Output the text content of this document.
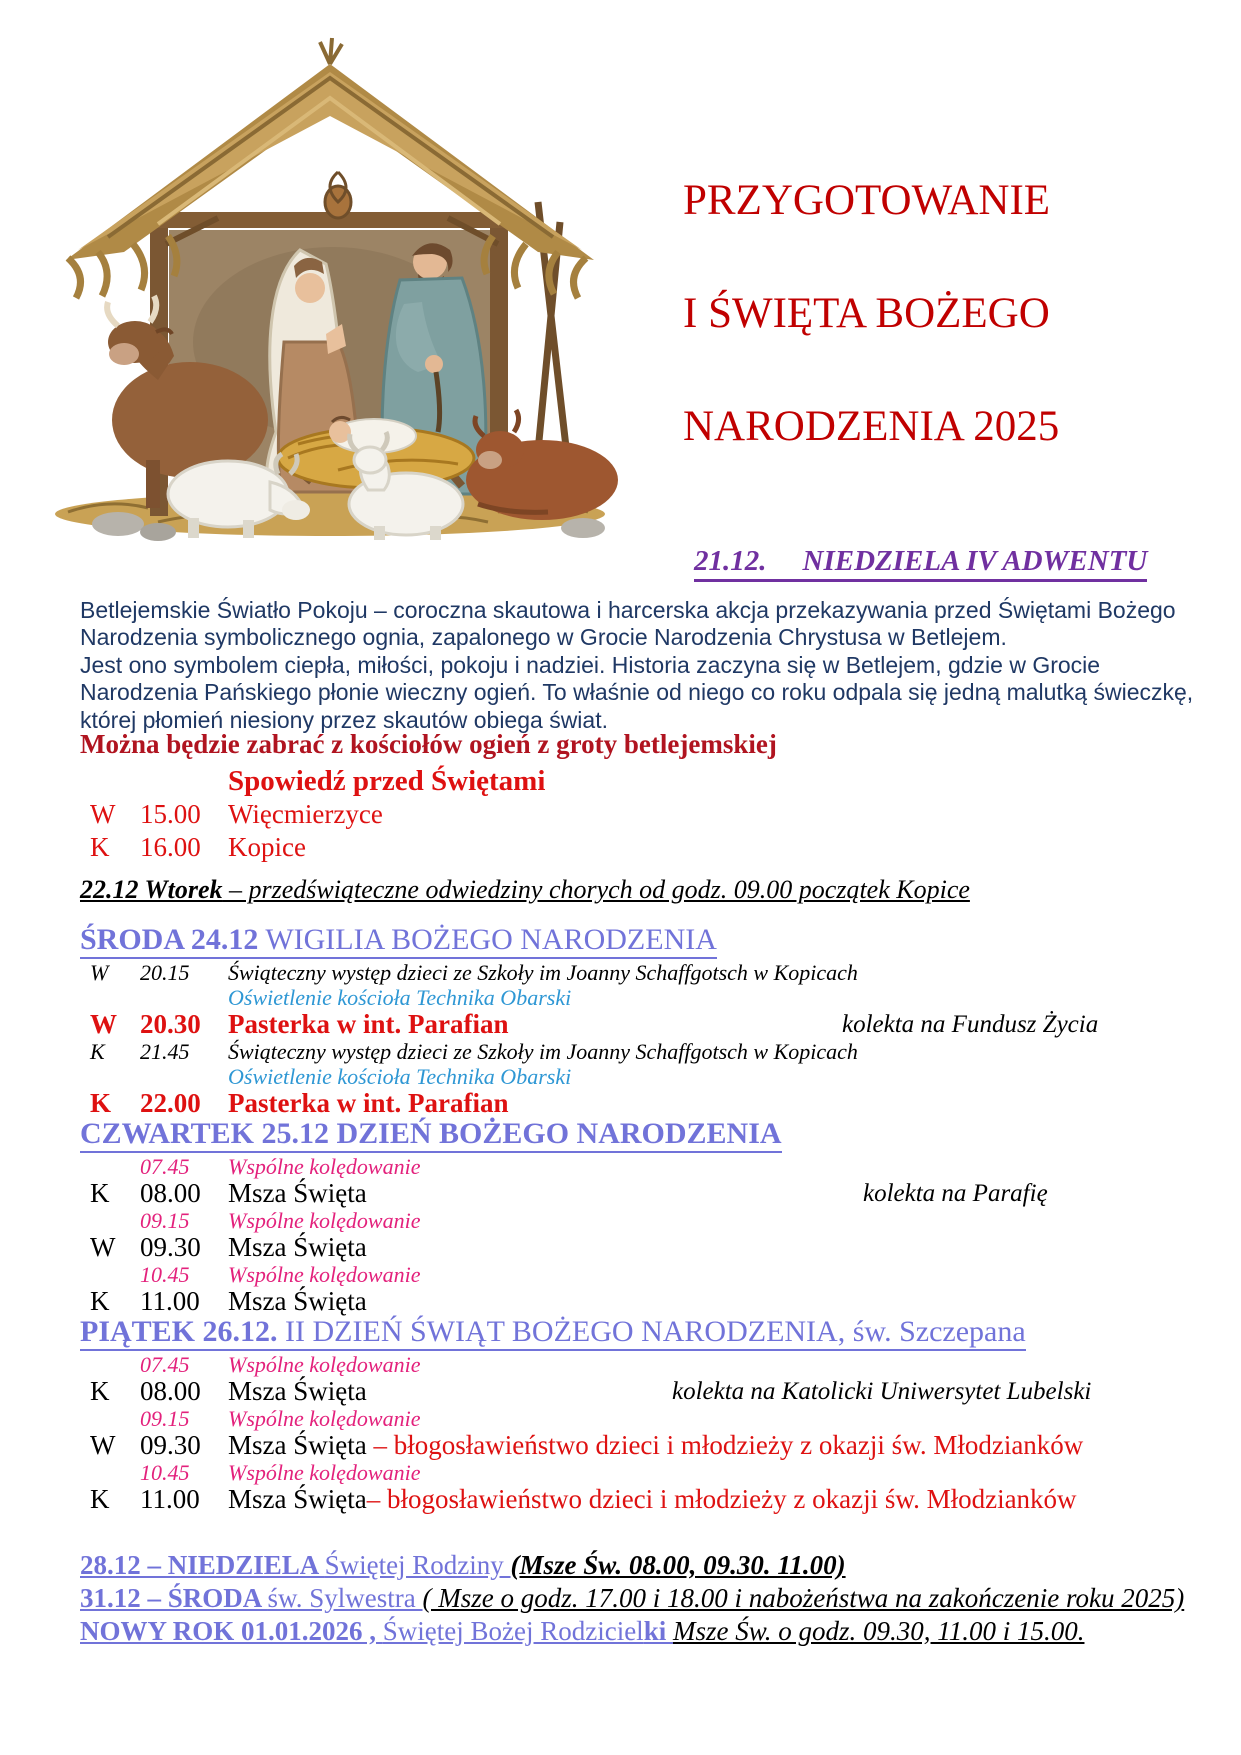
PRZYGOTOWANIE
I ŚWIĘTA BOŻEGO
NARODZENIA 2025
21.12. NIEDZIELA IV ADWENTU
Betlejemskie Światło Pokoju – coroczna skautowa i harcerska akcja przekazywania przed Świętami Bożego
Narodzenia symbolicznego ognia, zapalonego w Grocie Narodzenia Chrystusa w Betlejem.
Jest ono symbolem ciepła, miłości, pokoju i nadziei. Historia zaczyna się w Betlejem, gdzie w Grocie
Narodzenia Pańskiego płonie wieczny ogień. To właśnie od niego co roku odpala się jedną malutką świeczkę,
której płomień niesiony przez skautów obiega świat.
Można będzie zabrać z kościołów ogień z groty betlejemskiej
Spowiedź przed Świętami
W 15.00	Więcmierzyce
K	16.00	Kopice
22.12 Wtorek – przedświąteczne odwiedziny chorych od godz. 09.00 początek Kopice
ŚRODA 24.12 WIGILIA BOŻEGO NARODZENIA
W	20.15	Świąteczny występ dzieci ze Szkoły im Joanny Schaffgotsch w Kopicach
Oświetlenie kościoła Technika Obarski
W 20.30	Pasterka w int. Parafian	kolekta na Fundusz Życia
K	21.45	Świąteczny występ dzieci ze Szkoły im Joanny Schaffgotsch w Kopicach
Oświetlenie kościoła Technika Obarski
K	22.00	Pasterka w int. Parafian
CZWARTEK 25.12 DZIEŃ BOŻEGO NARODZENIA
07.45	Wspólne kolędowanie
K	08.00	Msza Święta	kolekta na Parafię
09.15	Wspólne kolędowanie
W 09.30	Msza Święta
10.45	Wspólne kolędowanie
K	11.00	Msza Święta
PIĄTEK 26.12. II DZIEŃ ŚWIĄT BOŻEGO NARODZENIA, św. Szczepana
07.45	Wspólne kolędowanie
K	08.00	Msza Święta	kolekta na Katolicki Uniwersytet Lubelski
09.15	Wspólne kolędowanie
W 09.30	Msza Święta – błogosławieństwo dzieci i młodzieży z okazji św. Młodzianków
10.45	Wspólne kolędowanie
K	11.00	Msza Święta– błogosławieństwo dzieci i młodzieży z okazji św. Młodzianków
28.12 – NIEDZIELA Świętej Rodziny (Msze Św. 08.00, 09.30. 11.00)
31.12 – ŚRODA św. Sylwestra ( Msze o godz. 17.00 i 18.00 i nabożeństwa na zakończenie roku 2025)
NOWY ROK 01.01.2026 , Świętej Bożej Rodzicielki Msze Św. o godz. 09.30, 11.00 i 15.00.
